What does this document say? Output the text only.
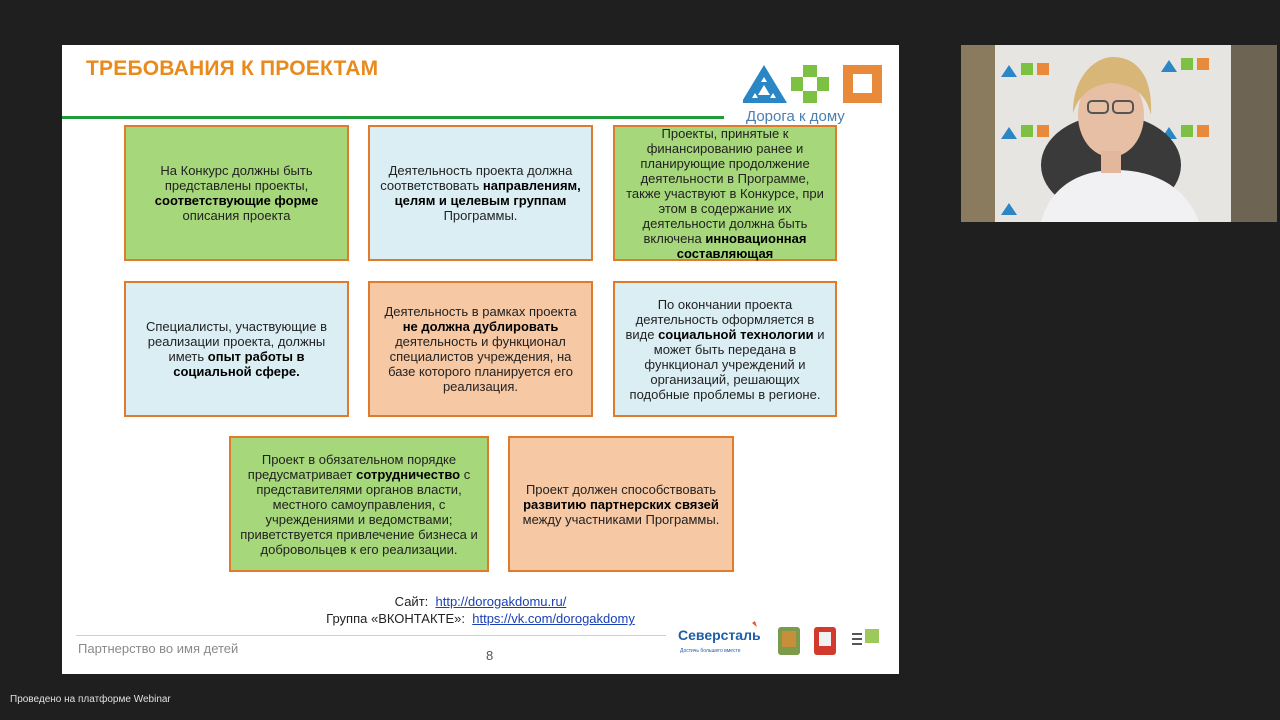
ТРЕБОВАНИЯ К ПРОЕКТАМ
Дорога к дому
На Конкурс должны быть представлены проекты, соответствующие форме описания проекта
Деятельность проекта должна соответствовать направлениям, целям и целевым группам Программы.
Проекты, принятые к финансированию ранее и планирующие продолжение деятельности в Программе, также участвуют в Конкурсе, при этом в содержание их деятельности должна быть включена инновационная составляющая
Специалисты, участвующие в реализации проекта, должны иметь опыт работы в социальной сфере.
Деятельность в рамках проекта не должна дублировать деятельность и функционал специалистов учреждения, на базе которого планируется его реализация.
По окончании проекта деятельность оформляется в виде социальной технологии и может быть передана в функционал учреждений и организаций, решающих подобные проблемы в регионе.
Проект в обязательном порядке предусматривает сотрудничество с представителями органов власти, местного самоуправления, с учреждениями и ведомствами; приветствуется привлечение бизнеса и добровольцев к его реализации.
Проект должен способствовать развитию партнерских связей между участниками Программы.
Сайт: http://dorogakdomu.ru/
Группа «ВКОНТАКТЕ»: https://vk.com/dorogakdomy
Партнерство во имя детей	8
Северсталь
Достичь большего вместе
Проведено на платформе Webinar
